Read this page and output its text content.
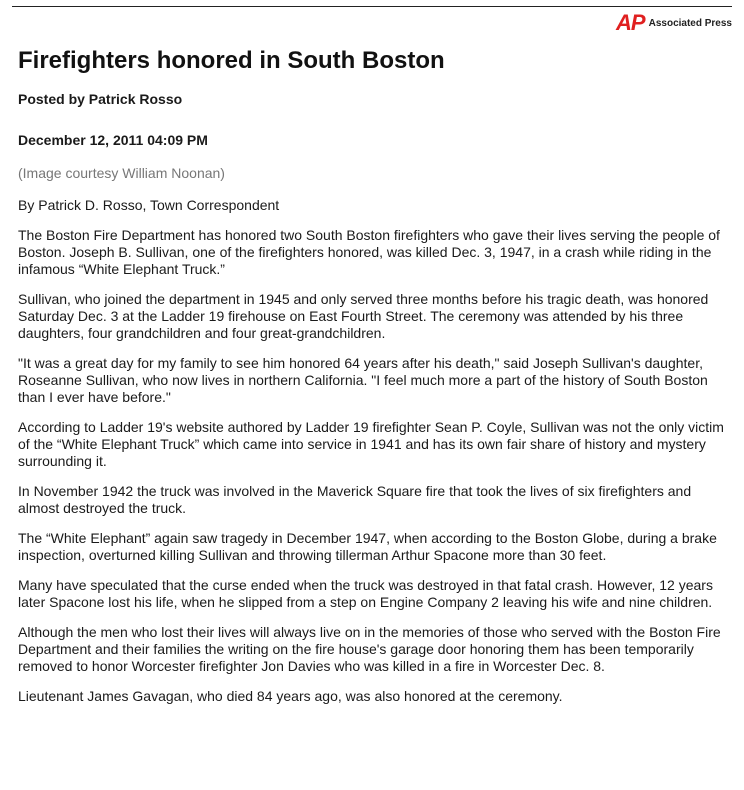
AP Associated Press
Firefighters honored in South Boston
Posted by Patrick Rosso
December 12, 2011 04:09 PM
(Image courtesy William Noonan)
By Patrick D. Rosso, Town Correspondent

The Boston Fire Department has honored two South Boston firefighters who gave their lives serving the people of Boston. Joseph B. Sullivan, one of the firefighters honored, was killed Dec. 3, 1947, in a crash while riding in the infamous “White Elephant Truck.”

Sullivan, who joined the department in 1945 and only served three months before his tragic death, was honored Saturday Dec. 3 at the Ladder 19 firehouse on East Fourth Street. The ceremony was attended by his three daughters, four grandchildren and four great-grandchildren.

"It was a great day for my family to see him honored 64 years after his death," said Joseph Sullivan's daughter, Roseanne Sullivan, who now lives in northern California. "I feel much more a part of the history of South Boston than I ever have before."

According to Ladder 19's website authored by Ladder 19 firefighter Sean P. Coyle, Sullivan was not the only victim of the “White Elephant Truck” which came into service in 1941 and has its own fair share of history and mystery surrounding it.

In November 1942 the truck was involved in the Maverick Square fire that took the lives of six firefighters and almost destroyed the truck.

The “White Elephant” again saw tragedy in December 1947, when according to the Boston Globe, during a brake inspection, overturned killing Sullivan and throwing tillerman Arthur Spacone more than 30 feet.

Many have speculated that the curse ended when the truck was destroyed in that fatal crash. However, 12 years later Spacone lost his life, when he slipped from a step on Engine Company 2 leaving his wife and nine children.

Although the men who lost their lives will always live on in the memories of those who served with the Boston Fire Department and their families the writing on the fire house's garage door honoring them has been temporarily removed to honor Worcester firefighter Jon Davies who was killed in a fire in Worcester Dec. 8.

Lieutenant James Gavagan, who died 84 years ago, was also honored at the ceremony.
